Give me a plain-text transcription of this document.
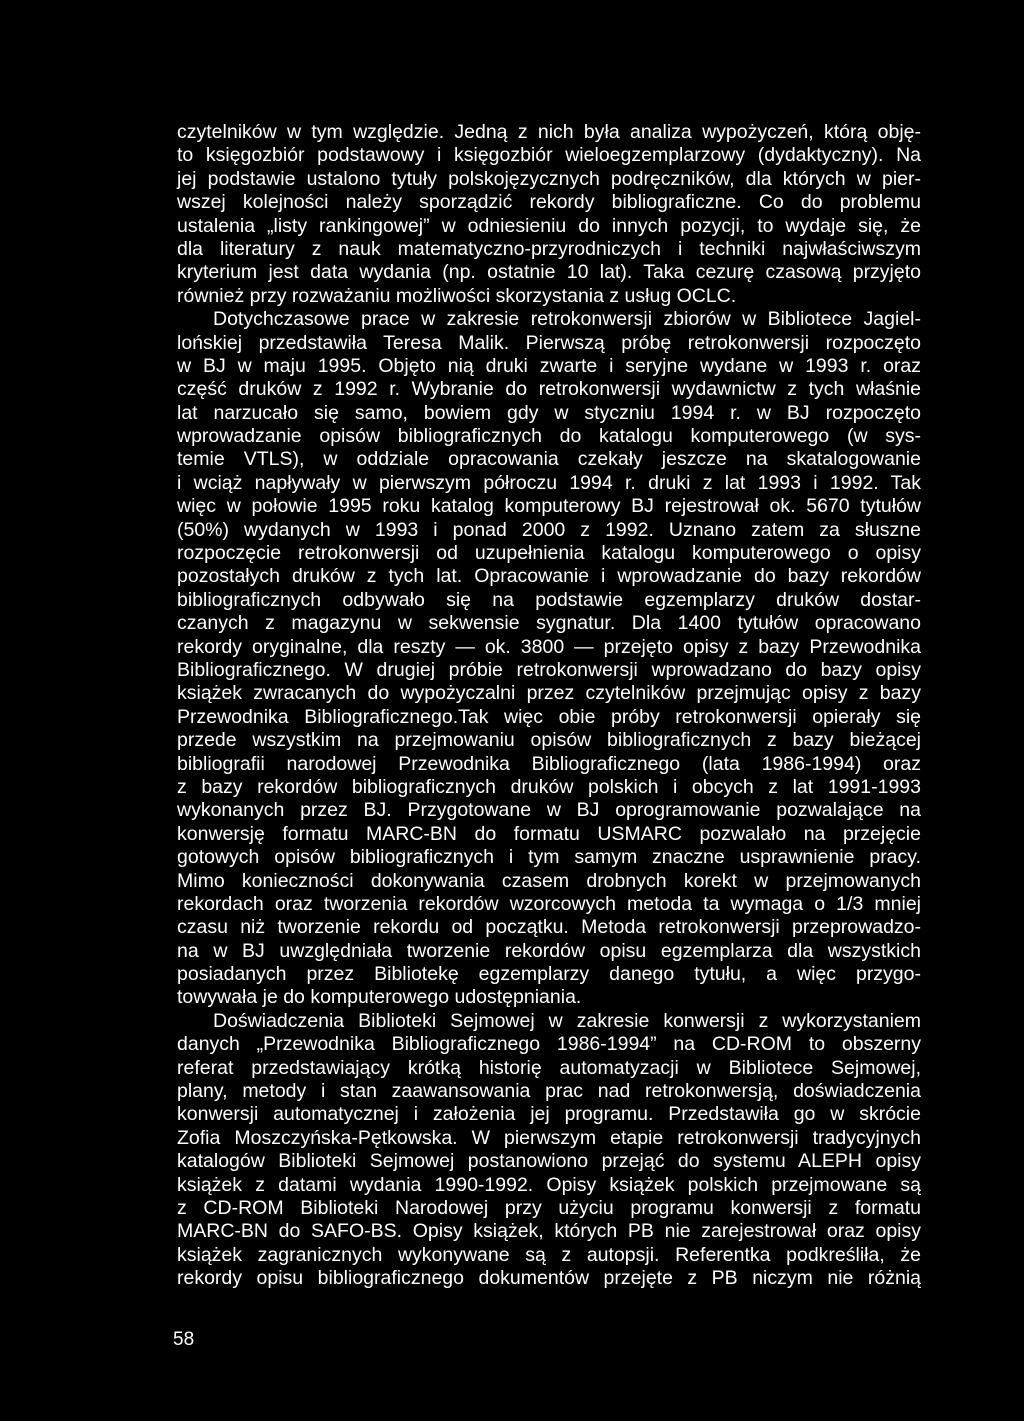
czytelników w tym względzie. Jedną z nich była analiza wypożyczeń, którą obję-
to księgozbiór podstawowy i księgozbiór wieloegzemplarzowy (dydaktyczny). Na
jej podstawie ustalono tytuły polskojęzycznych podręczników, dla których w pier-
wszej kolejności należy sporządzić rekordy bibliograficzne. Co do problemu
ustalenia „listy rankingowej” w odniesieniu do innych pozycji, to wydaje się, że
dla literatury z nauk matematyczno-przyrodniczych i techniki najwłaściwszym
kryterium jest data wydania (np. ostatnie 10 lat). Taka cezurę czasową przyjęto
również przy rozważaniu możliwości skorzystania z usług OCLC.
Dotychczasowe prace w zakresie retrokonwersji zbiorów w Bibliotece Jagiel-
lońskiej przedstawiła Teresa Malik. Pierwszą próbę retrokonwersji rozpoczęto
w BJ w maju 1995. Objęto nią druki zwarte i seryjne wydane w 1993 r. oraz
część druków z 1992 r. Wybranie do retrokonwersji wydawnictw z tych właśnie
lat narzucało się samo, bowiem gdy w styczniu 1994 r. w BJ rozpoczęto
wprowadzanie opisów bibliograficznych do katalogu komputerowego (w sys-
temie VTLS), w oddziale opracowania czekały jeszcze na skatalogowanie
i wciąż napływały w pierwszym półroczu 1994 r. druki z lat 1993 i 1992. Tak
więc w połowie 1995 roku katalog komputerowy BJ rejestrował ok. 5670 tytułów
(50%) wydanych w 1993 i ponad 2000 z 1992. Uznano zatem za słuszne
rozpoczęcie retrokonwersji od uzupełnienia katalogu komputerowego o opisy
pozostałych druków z tych lat. Opracowanie i wprowadzanie do bazy rekordów
bibliograficznych odbywało się na podstawie egzemplarzy druków dostar-
czanych z magazynu w sekwensie sygnatur. Dla 1400 tytułów opracowano
rekordy oryginalne, dla reszty — ok. 3800 — przejęto opisy z bazy Przewodnika
Bibliograficznego. W drugiej próbie retrokonwersji wprowadzano do bazy opisy
książek zwracanych do wypożyczalni przez czytelników przejmując opisy z bazy
Przewodnika Bibliograficznego.Tak więc obie próby retrokonwersji opierały się
przede wszystkim na przejmowaniu opisów bibliograficznych z bazy bieżącej
bibliografii narodowej Przewodnika Bibliograficznego (lata 1986-1994) oraz
z bazy rekordów bibliograficznych druków polskich i obcych z lat 1991-1993
wykonanych przez BJ. Przygotowane w BJ oprogramowanie pozwalające na
konwersję formatu MARC-BN do formatu USMARC pozwalało na przejęcie
gotowych opisów bibliograficznych i tym samym znaczne usprawnienie pracy.
Mimo konieczności dokonywania czasem drobnych korekt w przejmowanych
rekordach oraz tworzenia rekordów wzorcowych metoda ta wymaga o 1/3 mniej
czasu niż tworzenie rekordu od początku. Metoda retrokonwersji przeprowadzo-
na w BJ uwzględniała tworzenie rekordów opisu egzemplarza dla wszystkich
posiadanych przez Bibliotekę egzemplarzy danego tytułu, a więc przygo-
towywała je do komputerowego udostępniania.
Doświadczenia Biblioteki Sejmowej w zakresie konwersji z wykorzystaniem
danych „Przewodnika Bibliograficznego 1986-1994” na CD-ROM to obszerny
referat przedstawiający krótką historię automatyzacji w Bibliotece Sejmowej,
plany, metody i stan zaawansowania prac nad retrokonwersją, doświadczenia
konwersji automatycznej i założenia jej programu. Przedstawiła go w skrócie
Zofia Moszczyńska-Pętkowska. W pierwszym etapie retrokonwersji tradycyjnych
katalogów Biblioteki Sejmowej postanowiono przejąć do systemu ALEPH opisy
książek z datami wydania 1990-1992. Opisy książek polskich przejmowane są
z CD-ROM Biblioteki Narodowej przy użyciu programu konwersji z formatu
MARC-BN do SAFO-BS. Opisy książek, których PB nie zarejestrował oraz opisy
książek zagranicznych wykonywane są z autopsji. Referentka podkreśliła, że
rekordy opisu bibliograficznego dokumentów przejęte z PB niczym nie różnią
58
